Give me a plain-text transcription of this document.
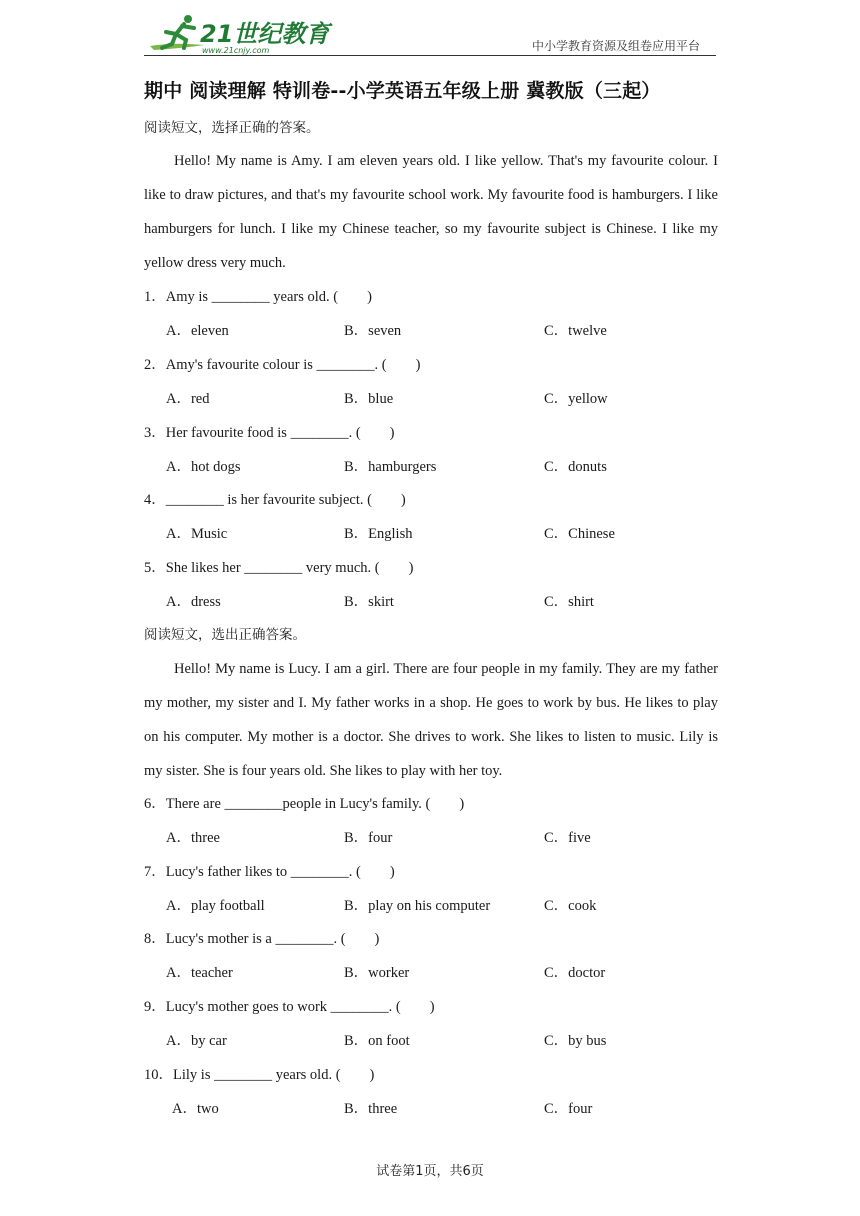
21世纪教育
www.21cnjy.com	中小学教育资源及组卷应用平台
期中 阅读理解 特训卷--小学英语五年级上册 冀教版（三起）
阅读短文，选择正确的答案。
Hello! My name is Amy. I am eleven years old. I like yellow. That's my favourite colour. I like to draw pictures, and that's my favourite school work. My favourite food is hamburgers. I like hamburgers for lunch. I like my Chinese teacher, so my favourite subject is Chinese. I like my yellow dress very much.
1．Amy is ________ years old. (　　)
A．eleven	B．seven	C．twelve
2．Amy's favourite colour is ________. (　　)
A．red	B．blue	C．yellow
3．Her favourite food is ________. (　　)
A．hot dogs	B．hamburgers	C．donuts
4．________ is her favourite subject. (　　)
A．Music	B．English	C．Chinese
5．She likes her ________ very much. (　　)
A．dress	B．skirt	C．shirt
阅读短文，选出正确答案。
Hello! My name is Lucy. I am a girl. There are four people in my family. They are my father my mother, my sister and I. My father works in a shop. He goes to work by bus. He likes to play on his computer. My mother is a doctor. She drives to work. She likes to listen to music. Lily is my sister. She is four years old. She likes to play with her toy.
6．There are ________people in Lucy's family. (　　)
A．three	B．four	C．five
7．Lucy's father likes to ________. (　　)
A．play football	B．play on his computer	C．cook
8．Lucy's mother is a ________. (　　)
A．teacher	B．worker	C．doctor
9．Lucy's mother goes to work ________. (　　)
A．by car	B．on foot	C．by bus
10．Lily is ________ years old. (　　)
A．two	B．three	C．four
试卷第1页，共6页
